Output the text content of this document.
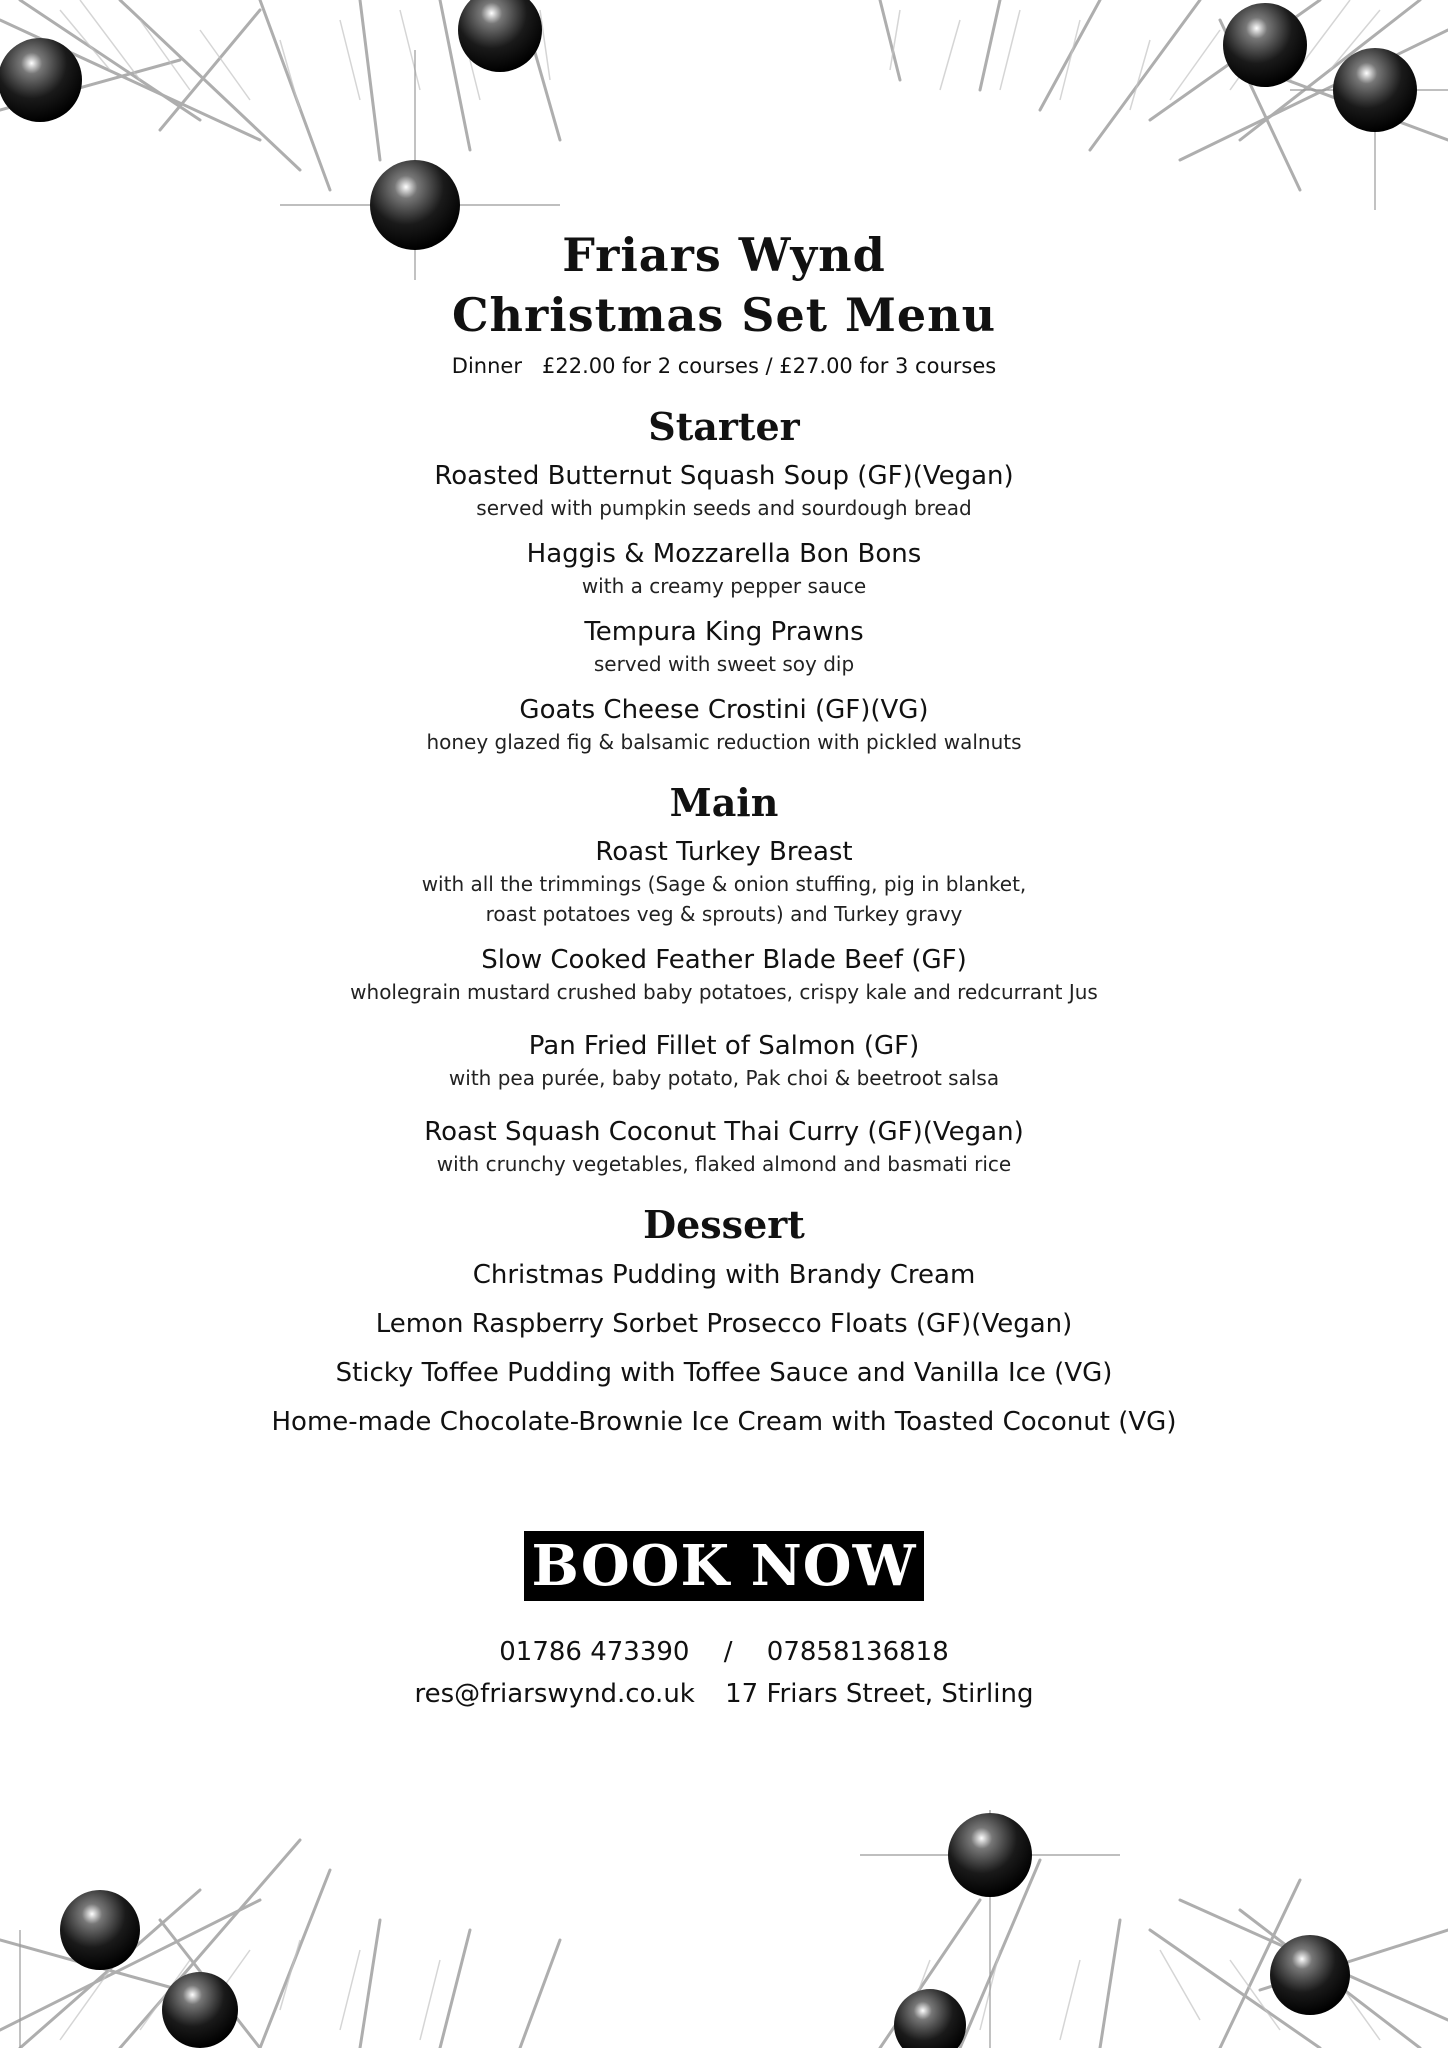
Friars Wynd
Christmas Set Menu
Dinner   £22.00 for 2 courses / £27.00 for 3 courses
Starter
Roasted Butternut Squash Soup (GF)(Vegan)
served with pumpkin seeds and sourdough bread
Haggis & Mozzarella Bon Bons
with a creamy pepper sauce
Tempura King Prawns
served with sweet soy dip
Goats Cheese Crostini (GF)(VG)
honey glazed fig & balsamic reduction with pickled walnuts
Main
Roast Turkey Breast
with all the trimmings (Sage & onion stuffing, pig in blanket,
roast potatoes veg & sprouts) and Turkey gravy
Slow Cooked Feather Blade Beef (GF)
wholegrain mustard crushed baby potatoes, crispy kale and redcurrant Jus
Pan Fried Fillet of Salmon (GF)
with pea purée, baby potato, Pak choi & beetroot salsa
Roast Squash Coconut Thai Curry (GF)(Vegan)
with crunchy vegetables, flaked almond and basmati rice
Dessert
Christmas Pudding with Brandy Cream
Lemon Raspberry Sorbet Prosecco Floats (GF)(Vegan)
Sticky Toffee Pudding with Toffee Sauce and Vanilla Ice (VG)
Home-made Chocolate-Brownie Ice Cream with Toasted Coconut (VG)
BOOK NOW
01786 473390 / 07858136818
res@friarswynd.co.uk 17 Friars Street, Stirling
